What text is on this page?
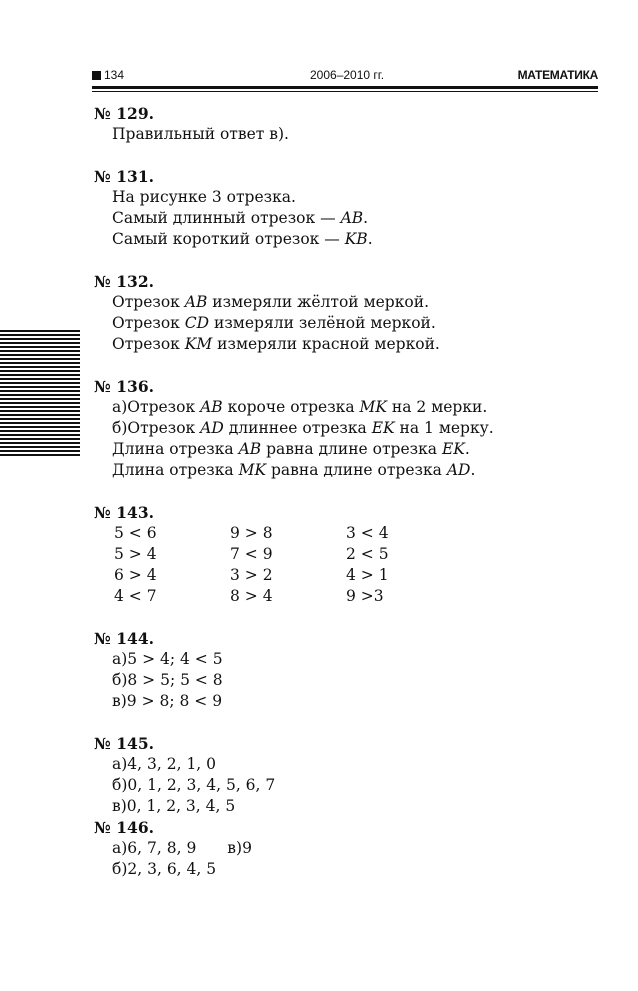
134	2006–2010 гг.	МАТЕМАТИКА
№ 129.
Правильный ответ в).
№ 131.
На рисунке 3 отрезка.
Самый длинный отрезок — AB.
Самый короткий отрезок — KB.
№ 132.
Отрезок AB измеряли жёлтой меркой.
Отрезок CD измеряли зелёной меркой.
Отрезок KM измеряли красной меркой.
№ 136.
а)Отрезок AB короче отрезка MK на 2 мерки.
б)Отрезок AD длиннее отрезка EK на 1 мерку.
Длина отрезка AB равна длине отрезка EK.
Длина отрезка MK равна длине отрезка AD.
№ 143.
5 < 6	9 > 8	3 < 4
5 > 4	7 < 9	2 < 5
6 > 4	3 > 2	4 > 1
4 < 7	8 > 4	9 >3
№ 144.
а)5 > 4; 4 < 5
б)8 > 5; 5 < 8
в)9 > 8; 8 < 9
№ 145.
а)4, 3, 2, 1, 0
б)0, 1, 2, 3, 4, 5, 6, 7
в)0, 1, 2, 3, 4, 5
№ 146.
а)6, 7, 8, 9 в)9
б)2, 3, 6, 4, 5
